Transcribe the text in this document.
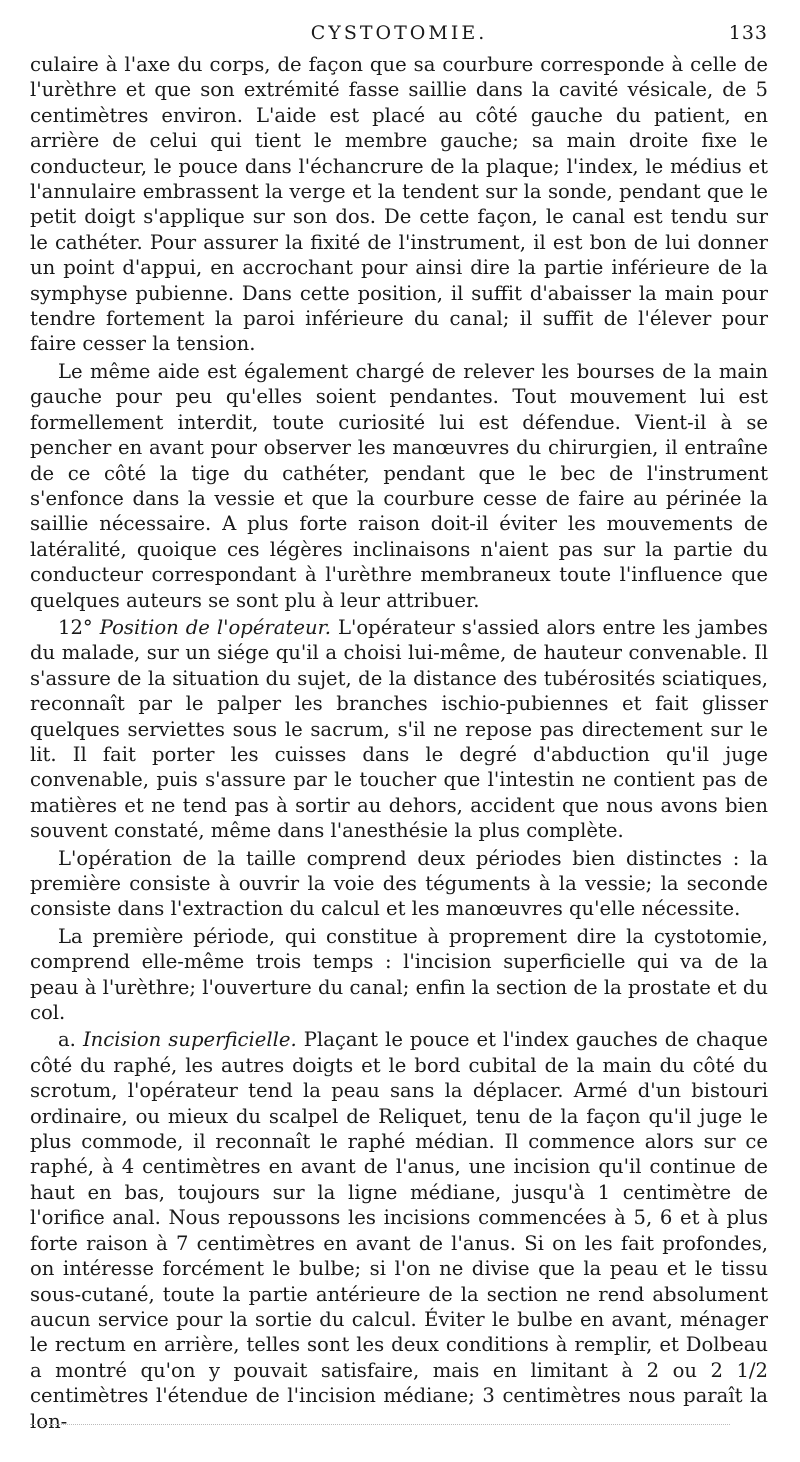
CYSTOTOMIE.	133

culaire à l'axe du corps, de façon que sa courbure corresponde à celle de l'urèthre et que son extrémité fasse saillie dans la cavité vésicale, de 5 centimètres environ. L'aide est placé au côté gauche du patient, en arrière de celui qui tient le membre gauche; sa main droite fixe le conducteur, le pouce dans l'échancrure de la plaque; l'index, le médius et l'annulaire embrassent la verge et la tendent sur la sonde, pendant que le petit doigt s'applique sur son dos. De cette façon, le canal est tendu sur le cathéter. Pour assurer la fixité de l'instrument, il est bon de lui donner un point d'appui, en accrochant pour ainsi dire la partie inférieure de la symphyse pubienne. Dans cette position, il suffit d'abaisser la main pour tendre fortement la paroi inférieure du canal; il suffit de l'élever pour faire cesser la tension.

Le même aide est également chargé de relever les bourses de la main gauche pour peu qu'elles soient pendantes. Tout mouvement lui est formellement interdit, toute curiosité lui est défendue. Vient-il à se pencher en avant pour observer les manœuvres du chirurgien, il entraîne de ce côté la tige du cathéter, pendant que le bec de l'instrument s'enfonce dans la vessie et que la courbure cesse de faire au périnée la saillie nécessaire. A plus forte raison doit-il éviter les mouvements de latéralité, quoique ces légères inclinaisons n'aient pas sur la partie du conducteur correspondant à l'urèthre membraneux toute l'influence que quelques auteurs se sont plu à leur attribuer.

12° Position de l'opérateur. L'opérateur s'assied alors entre les jambes du malade, sur un siége qu'il a choisi lui-même, de hauteur convenable. Il s'assure de la situation du sujet, de la distance des tubérosités sciatiques, reconnaît par le palper les branches ischio-pubiennes et fait glisser quelques serviettes sous le sacrum, s'il ne repose pas directement sur le lit. Il fait porter les cuisses dans le degré d'abduction qu'il juge convenable, puis s'assure par le toucher que l'intestin ne contient pas de matières et ne tend pas à sortir au dehors, accident que nous avons bien souvent constaté, même dans l'anesthésie la plus complète.

L'opération de la taille comprend deux périodes bien distinctes : la première consiste à ouvrir la voie des téguments à la vessie; la seconde consiste dans l'extraction du calcul et les manœuvres qu'elle nécessite.

La première période, qui constitue à proprement dire la cystotomie, comprend elle-même trois temps : l'incision superficielle qui va de la peau à l'urèthre; l'ouverture du canal; enfin la section de la prostate et du col.

a. Incision superficielle. Plaçant le pouce et l'index gauches de chaque côté du raphé, les autres doigts et le bord cubital de la main du côté du scrotum, l'opérateur tend la peau sans la déplacer. Armé d'un bistouri ordinaire, ou mieux du scalpel de Reliquet, tenu de la façon qu'il juge le plus commode, il reconnaît le raphé médian. Il commence alors sur ce raphé, à 4 centimètres en avant de l'anus, une incision qu'il continue de haut en bas, toujours sur la ligne médiane, jusqu'à 1 centimètre de l'orifice anal. Nous repoussons les incisions commencées à 5, 6 et à plus forte raison à 7 centimètres en avant de l'anus. Si on les fait profondes, on intéresse forcément le bulbe; si l'on ne divise que la peau et le tissu sous-cutané, toute la partie antérieure de la section ne rend absolument aucun service pour la sortie du calcul. Éviter le bulbe en avant, ménager le rectum en arrière, telles sont les deux conditions à remplir, et Dolbeau a montré qu'on y pouvait satisfaire, mais en limitant à 2 ou 2 1/2 centimètres l'étendue de l'incision médiane; 3 centimètres nous paraît la lon-
